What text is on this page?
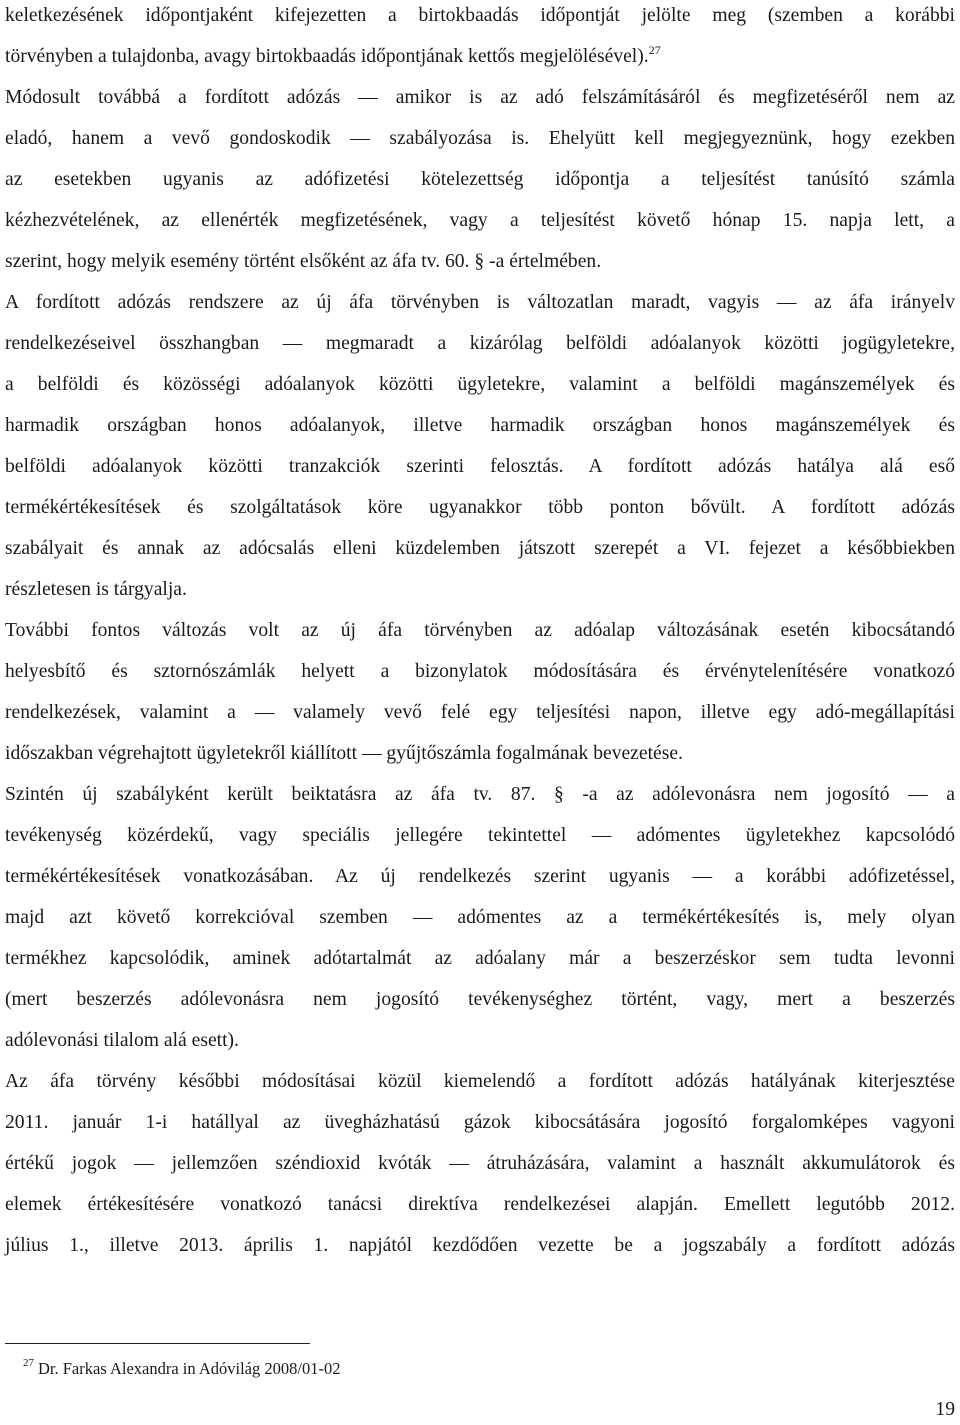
keletkezésének időpontjaként kifejezetten a birtokbaadás időpontját jelölte meg (szemben a korábbi
törvényben a tulajdonba, avagy birtokbaadás időpontjának kettős megjelölésével).$^{27}$
Módosult továbbá a fordított adózás — amikor is az adó felszámításáról és megfizetéséről nem az
eladó, hanem a vevő gondoskodik — szabályozása is. Ehelyütt kell megjegyeznünk, hogy ezekben
az esetekben ugyanis az adófizetési kötelezettség időpontja a teljesítést tanúsító számla
kézhezvételének, az ellenérték megfizetésének, vagy a teljesítést követő hónap 15. napja lett, a
szerint, hogy melyik esemény történt elsőként az áfa tv. 60. § -a értelmében.
A fordított adózás rendszere az új áfa törvényben is változatlan maradt, vagyis — az áfa irányelv
rendelkezéseivel összhangban — megmaradt a kizárólag belföldi adóalanyok közötti jogügyletekre,
a belföldi és közösségi adóalanyok közötti ügyletekre, valamint a belföldi magánszemélyek és
harmadik országban honos adóalanyok, illetve harmadik országban honos magánszemélyek és
belföldi adóalanyok közötti tranzakciók szerinti felosztás. A fordított adózás hatálya alá eső
termékértékesítések és szolgáltatások köre ugyanakkor több ponton bővült. A fordított adózás
szabályait és annak az adócsalás elleni küzdelemben játszott szerepét a VI. fejezet a későbbiekben
részletesen is tárgyalja.
További fontos változás volt az új áfa törvényben az adóalap változásának esetén kibocsátandó
helyesbítő és sztornószámlák helyett a bizonylatok módosítására és érvénytelenítésére vonatkozó
rendelkezések, valamint a — valamely vevő felé egy teljesítési napon, illetve egy adó-megállapítási
időszakban végrehajtott ügyletekről kiállított — gyűjtőszámla fogalmának bevezetése.
Szintén új szabályként került beiktatásra az áfa tv. 87. § -a az adólevonásra nem jogosító — a
tevékenység közérdekű, vagy speciális jellegére tekintettel — adómentes ügyletekhez kapcsolódó
termékértékesítések vonatkozásában. Az új rendelkezés szerint ugyanis — a korábbi adófizetéssel,
majd azt követő korrekcióval szemben — adómentes az a termékértékesítés is, mely olyan
termékhez kapcsolódik, aminek adótartalmát az adóalany már a beszerzéskor sem tudta levonni
(mert beszerzés adólevonásra nem jogosító tevékenységhez történt, vagy, mert a beszerzés
adólevonási tilalom alá esett).
Az áfa törvény későbbi módosításai közül kiemelendő a fordított adózás hatályának kiterjesztése
2011. január 1-i hatállyal az üvegházhatású gázok kibocsátására jogosító forgalomképes vagyoni
értékű jogok — jellemzően széndioxid kvóták — átruházására, valamint a használt akkumulátorok és
elemek értékesítésére vonatkozó tanácsi direktíva rendelkezései alapján. Emellett legutóbb 2012.
július 1., illetve 2013. április 1. napjától kezdődően vezette be a jogszabály a fordított adózás
$^{27}$ Dr. Farkas Alexandra in Adóvilág 2008/01-02
19
